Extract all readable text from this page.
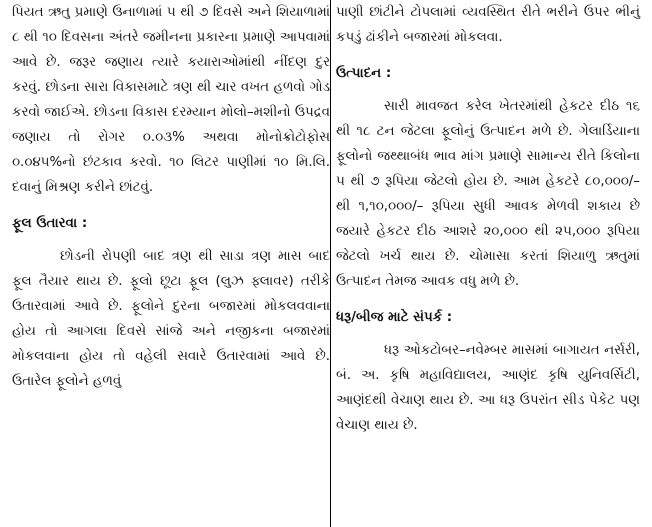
પિયત ઋતુ પ્રમાણે ઉનાળામાં ૫ થી ૭ દિવસે અને શિયાળામાં ૮ થી ૧૦ દિવસના અંતરે જમીનના પ્રકારના પ્રમાણે આપવામાં આવે છે. જરૂર જણાય ત્યારે કયારાઓમાંથી નીંદણ દુર કરવું. છોડના સારા વિકાસમાટે ત્રણ થી ચાર વખત હળવો ગોડ કરવો જાઈએ. છોડના વિકાસ દરમ્યાન મોલો–મશીનો ઉપદ્રવ જણાય તો રોગર ૦.૦૩% અથવા મોનોક્રોટોફોસ ૦.૦૪૫%નો છંટકાવ કરવો. ૧૦ લિટર પાણીમાં ૧૦ મિ.લિ. દવાનું મિશ્રણ કરીને છાંટવું.

ફૂલ ઉતારવા :

છોડની રોપણી બાદ ત્રણ થી સાડા ત્રણ માસ બાદ ફૂલ તૈયાર થાય છે. ફૂલો છૂટા ફૂલ (લુઝ ફ્લાવર) તરીકે ઉતારવામાં આવે છે. ફૂલોને દુરના બજારમાં મોકલવવાના હોય તો આગલા દિવસે સાંજે અને નજીકના બજારમાં મોકલવાના હોય તો વહેલી સવારે ઉતારવામાં આવે છે. ઉતારેલ ફૂલોને હળવું

પાણી છાંટીને ટોપલામાં વ્યવસ્થિત રીતે ભરીને ઉપર ભીનું કપડું ઢાંકીને બજારમાં મોકલવા.

ઉત્પાદન :

સારી માવજત કરેલ ખેતરમાંથી હેકટર દીઠ ૧૬ થી ૧૮ ટન જેટલા ફૂલોનું ઉત્પાદન મળે છે. ગેલાર્ડિયાના ફૂલોનો જથ્થાબંધ ભાવ માંગ પ્રમાણે સામાન્ય રીતે કિલોના ૫ થી ૭ રૂપિયા જેટલો હોય છે. આમ હેકટરે ૮૦,૦૦૦/– થી ૧,૧૦,૦૦૦/– રૂપિયા સુધી આવક મેળવી શકાય છે જયારે હેકટર દીઠ આશરે ૨૦,૦૦૦ થી ૨૫,૦૦૦ રૂપિયા જેટલો ખર્ચ થાય છે. ચોમાસા કરતાં શિયાળુ ઋતુમાં ઉત્પાદન તેમજ આવક વધુ મળે છે.

ધરૂ/બીજ માટે સંપર્ક :

ધરૂ ઓકટોબર–નવેમ્બર માસમાં બાગાયત નર્સરી, બં. અ. કૃષિ મહાવિદ્યાલય, આણંદ કૃષિ યુનિવર્સિટી, આણંદથી વેચાણ થાય છે. આ ધરૂ ઉપરાંત સીડ પેકેટ પણ વેચાણ થાય છે.
